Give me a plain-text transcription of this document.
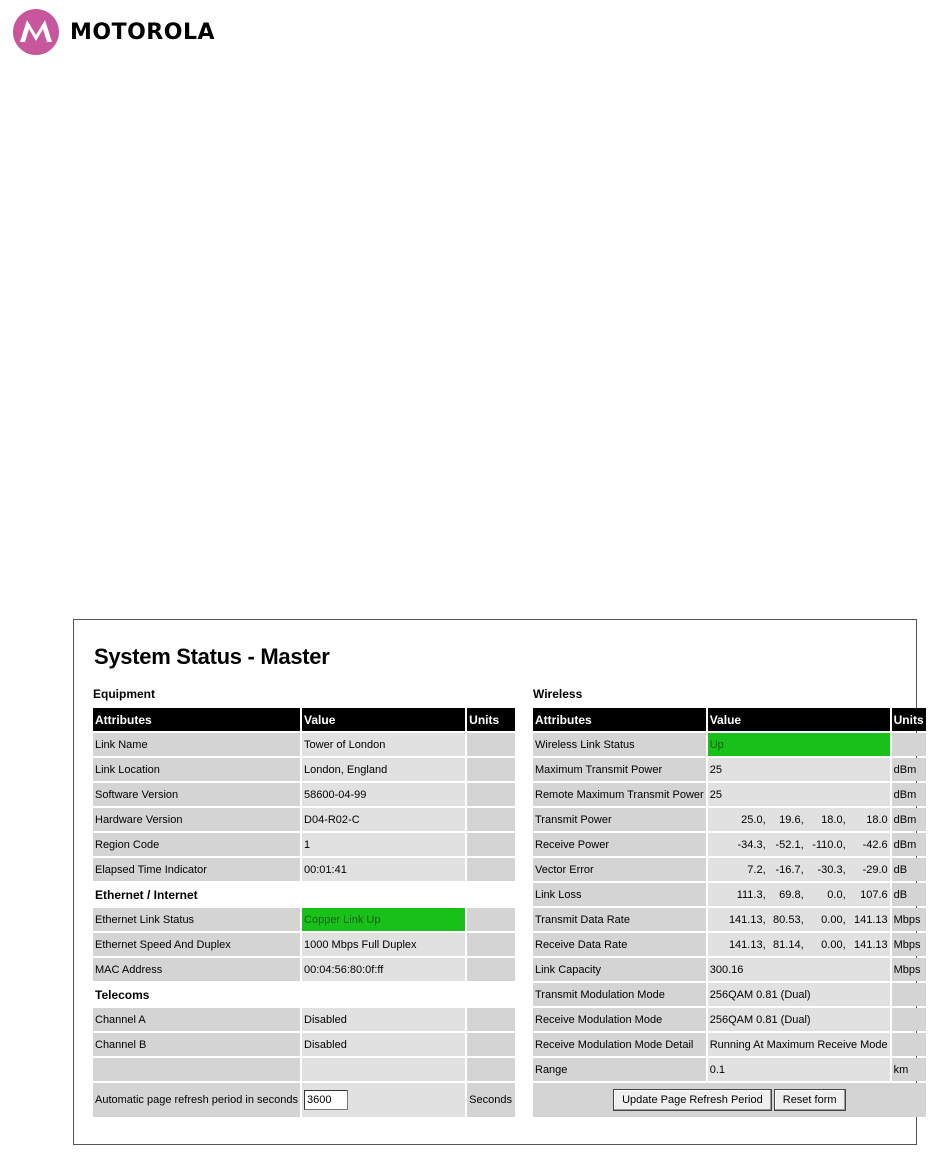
MOTOROLA
System Status - Master
Equipment
Attributes	Value	Units
Link Name	Tower of London	
Link Location	London, England	
Software Version	58600-04-99	
Hardware Version	D04-R02-C	
Region Code	1	
Elapsed Time Indicator	00:01:41	
Ethernet / Internet		
Ethernet Link Status	Copper Link Up	
Ethernet Speed And Duplex	1000 Mbps Full Duplex	
MAC Address	00:04:56:80:0f:ff	
Telecoms		
Channel A	Disabled	
Channel B	Disabled	

Automatic page refresh period in seconds	3600	Seconds
Wireless
Attributes	Value	Units
Wireless Link Status	Up	
Maximum Transmit Power	25	dBm
Remote Maximum Transmit Power	25	dBm
Transmit Power	25.0, 19.6, 18.0, 18.0	dBm
Receive Power	-34.3, -52.1, -110.0, -42.6	dBm
Vector Error	7.2, -16.7, -30.3, -29.0	dB
Link Loss	111.3, 69.8, 0.0, 107.6	dB
Transmit Data Rate	141.13, 80.53, 0.00, 141.13	Mbps
Receive Data Rate	141.13, 81.14, 0.00, 141.13	Mbps
Link Capacity	300.16	Mbps
Transmit Modulation Mode	256QAM 0.81 (Dual)	
Receive Modulation Mode	256QAM 0.81 (Dual)	
Receive Modulation Mode Detail	Running At Maximum Receive Mode	
Range	0.1	km
Update Page Refresh Period Reset form		
